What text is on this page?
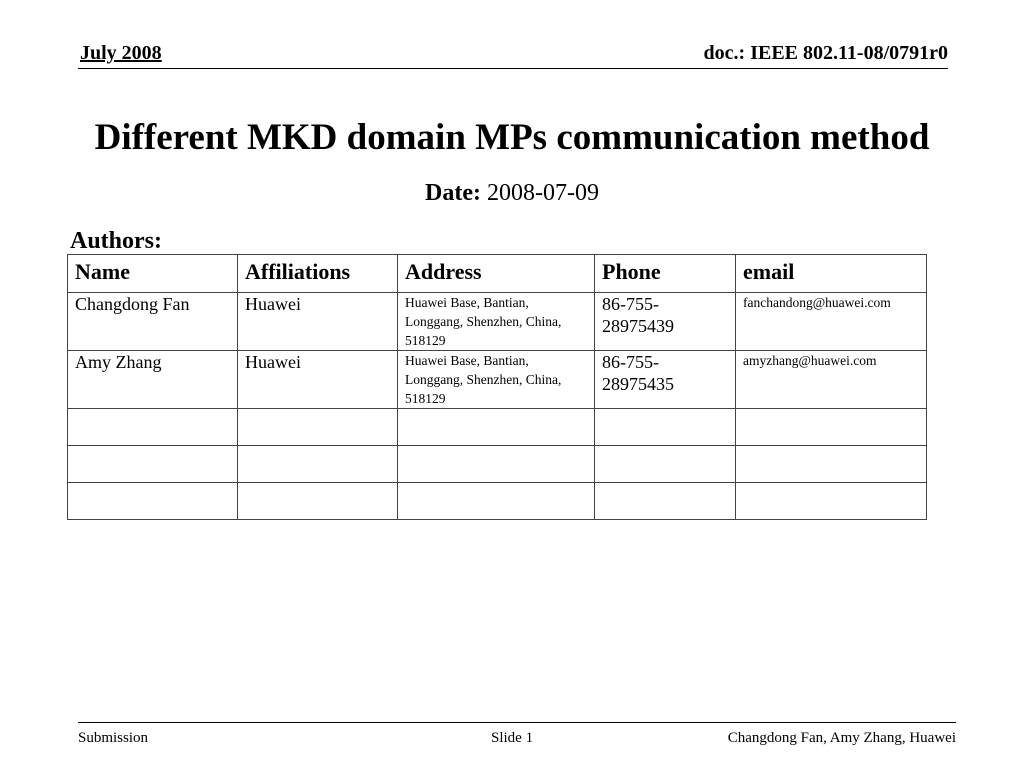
July 2008	doc.: IEEE 802.11-08/0791r0
Different MKD domain MPs communication method
Date: 2008-07-09
Authors:
Name	Affiliations	Address	Phone	email
Changdong Fan	Huawei	Huawei Base, Bantian, Longgang, Shenzhen, China, 518129	86-755-28975439	fanchandong@huawei.com
Amy Zhang	Huawei	Huawei Base, Bantian, Longgang, Shenzhen, China, 518129	86-755-28975435	amyzhang@huawei.com

Submission	Slide 1	Changdong Fan, Amy Zhang, Huawei
